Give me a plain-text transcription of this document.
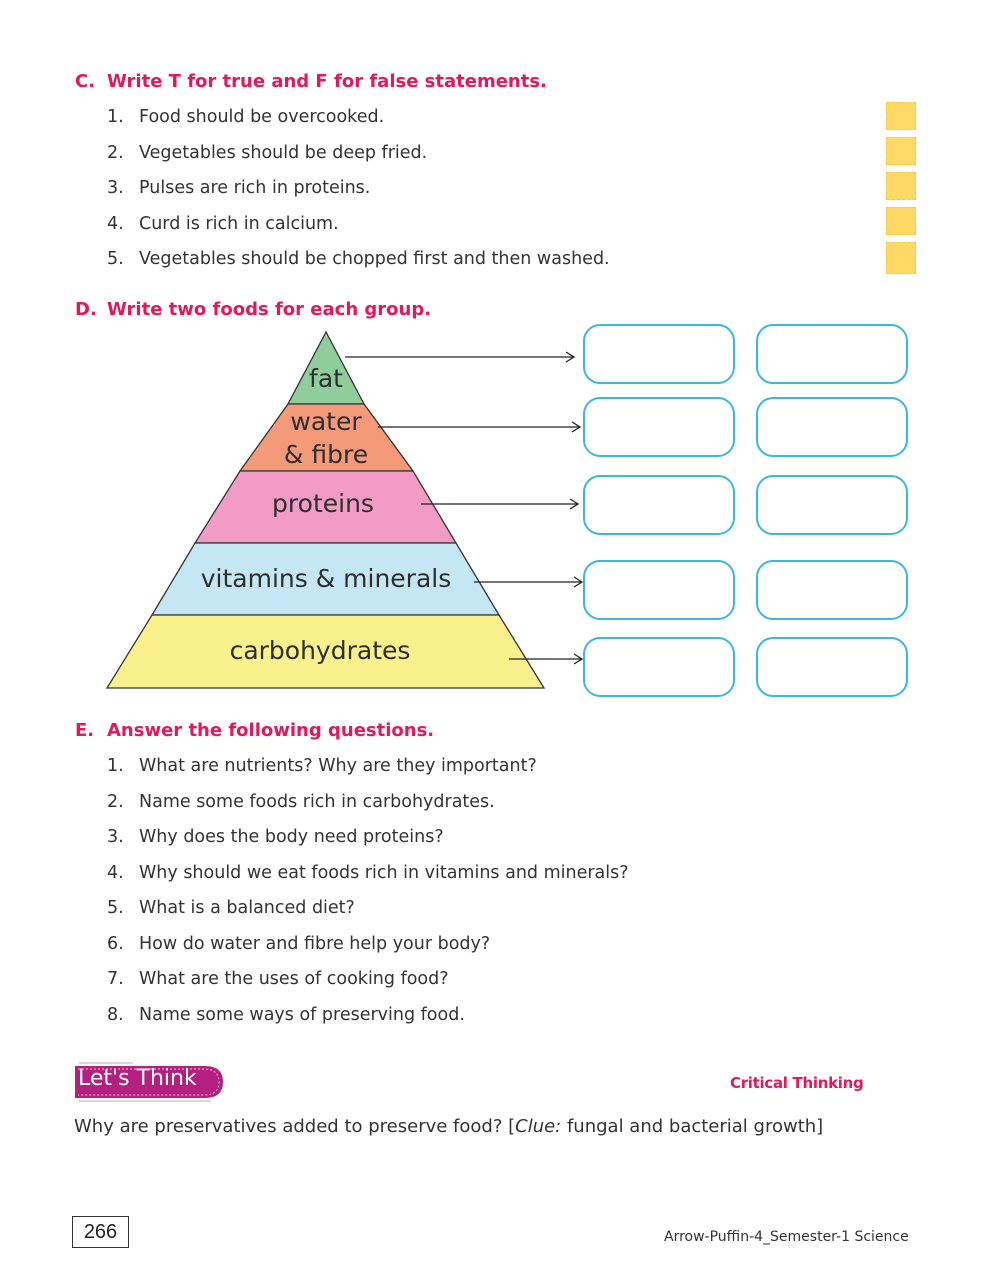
C. Write T for true and F for false statements.
1. Food should be overcooked.
2. Vegetables should be deep fried.
3. Pulses are rich in proteins.
4. Curd is rich in calcium.
5. Vegetables should be chopped first and then washed.
D. Write two foods for each group.
fat
water
& fibre
proteins
vitamins & minerals
carbohydrates
E. Answer the following questions.
1. What are nutrients? Why are they important?
2. Name some foods rich in carbohydrates.
3. Why does the body need proteins?
4. Why should we eat foods rich in vitamins and minerals?
5. What is a balanced diet?
6. How do water and fibre help your body?
7. What are the uses of cooking food?
8. Name some ways of preserving food.
Let's Think	Critical Thinking
Why are preservatives added to preserve food? [Clue: fungal and bacterial growth]
266	Arrow-Puffin-4_Semester-1 Science
